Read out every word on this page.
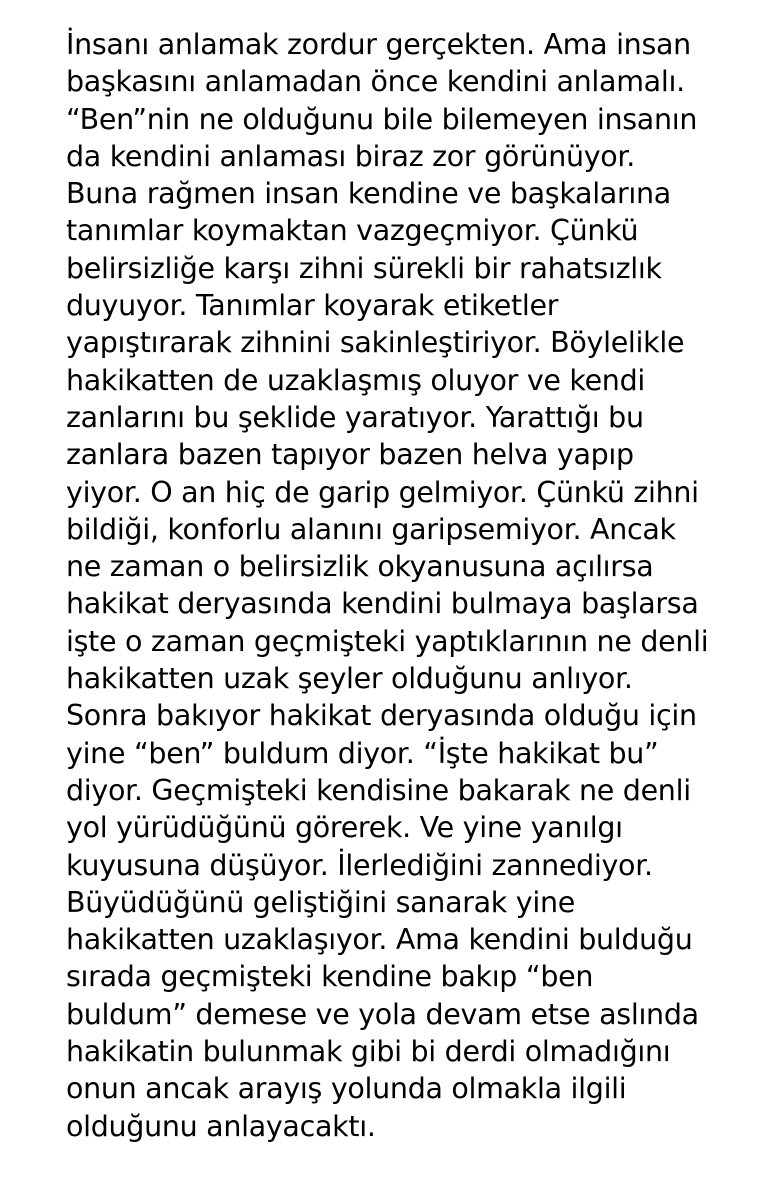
İnsanı anlamak zordur gerçekten. Ama insan
başkasını anlamadan önce kendini anlamalı.
“Ben”nin ne olduğunu bile bilemeyen insanın
da kendini anlaması biraz zor görünüyor.
Buna rağmen insan kendine ve başkalarına
tanımlar koymaktan vazgeçmiyor. Çünkü
belirsizliğe karşı zihni sürekli bir rahatsızlık
duyuyor. Tanımlar koyarak etiketler
yapıştırarak zihnini sakinleştiriyor. Böylelikle
hakikatten de uzaklaşmış oluyor ve kendi
zanlarını bu şeklide yaratıyor. Yarattığı bu
zanlara bazen tapıyor bazen helva yapıp
yiyor. O an hiç de garip gelmiyor. Çünkü zihni
bildiği, konforlu alanını garipsemiyor. Ancak
ne zaman o belirsizlik okyanusuna açılırsa
hakikat deryasında kendini bulmaya başlarsa
işte o zaman geçmişteki yaptıklarının ne denli
hakikatten uzak şeyler olduğunu anlıyor.
Sonra bakıyor hakikat deryasında olduğu için
yine “ben” buldum diyor. “İşte hakikat bu”
diyor. Geçmişteki kendisine bakarak ne denli
yol yürüdüğünü görerek. Ve yine yanılgı
kuyusuna düşüyor. İlerlediğini zannediyor.
Büyüdüğünü geliştiğini sanarak yine
hakikatten uzaklaşıyor. Ama kendini bulduğu
sırada geçmişteki kendine bakıp “ben
buldum” demese ve yola devam etse aslında
hakikatin bulunmak gibi bi derdi olmadığını
onun ancak arayış yolunda olmakla ilgili
olduğunu anlayacaktı.
